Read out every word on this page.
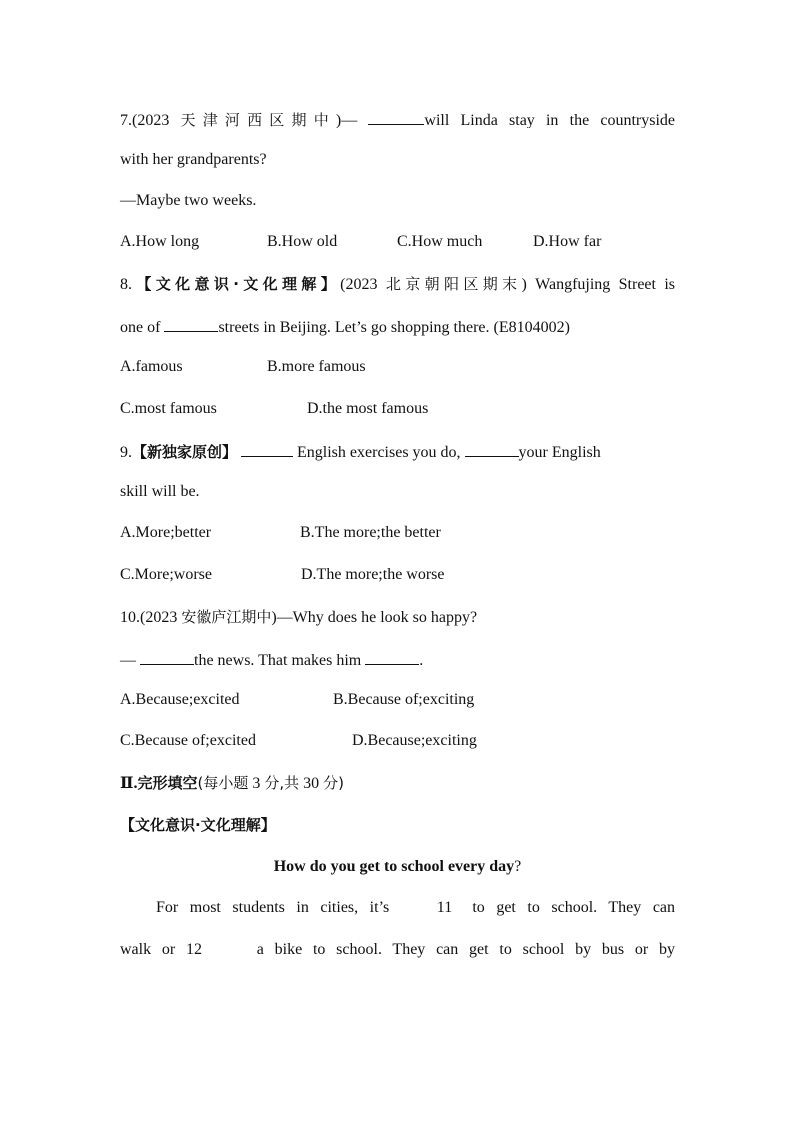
7.(2023 天津河西区期中)—	will Linda stay in the countryside
with her grandparents?
—Maybe two weeks.
A.How long	B.How old	C.How much	D.How far
8.【文化意识·文化理解】(2023 北京朝阳区期末) Wangfujing Street is
one of	streets in Beijing. Let’s go shopping there. (E8104002)
A.famous	B.more famous
C.most famous	D.the most famous
9.【新独家原创】	English exercises you do,	your English
skill will be.
A.More;better	B.The more;the better
C.More;worse	D.The more;the worse
10.(2023 安徽庐江期中)—Why does he look so happy?
—	the news. That makes him	.
A.Because;excited	B.Because of;exciting
C.Because of;excited	D.Because;exciting
Ⅱ.完形填空(每小题 3 分,共 30 分)
【文化意识·文化理解】
How do you get to school every day?
For most students in cities, it’s	11 to get to school. They can
walk or 12	a bike to school. They can get to school by bus or by
